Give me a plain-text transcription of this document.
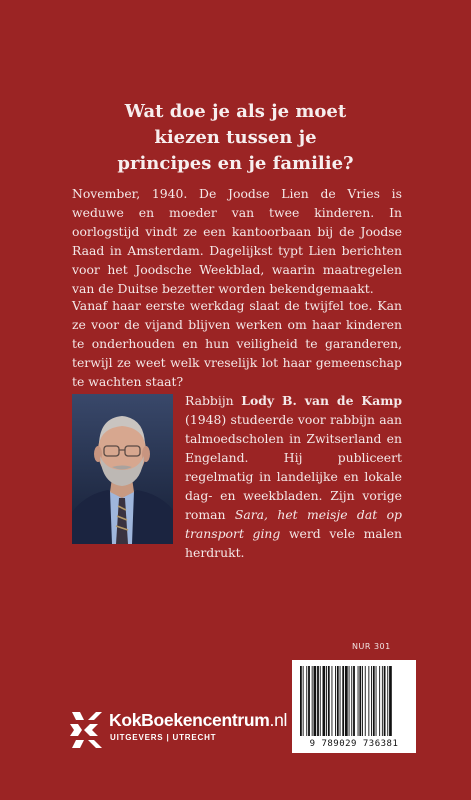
Wat doe je als je moet kiezen tussen je principes en je familie?
November, 1940. De Joodse Lien de Vries is weduwe en moeder van twee kinderen. In oorlogstijd vindt ze een kantoorbaan bij de Joodse Raad in Amsterdam. Dagelijkst typt Lien berichten voor het Joodsche Weekblad, waarin maatregelen van de Duitse bezetter worden bekendgemaakt.
Vanaf haar eerste werkdag slaat de twijfel toe. Kan ze voor de vijand blijven werken om haar kinderen te onderhouden en hun veiligheid te garanderen, terwijl ze weet welk vreselijk lot haar gemeenschap te wachten staat?
Rabbijn Lody B. van de Kamp (1948) studeerde voor rabbijn aan talmoedscholen in Zwitserland en Engeland. Hij publiceert regelmatig in landelijke en lokale dag- en weekbladen. Zijn vorige roman Sara, het meisje dat op transport ging werd vele malen herdrukt.
NUR 301
9 789029 736381
KokBoekencentrum.nl
UITGEVERS | UTRECHT
